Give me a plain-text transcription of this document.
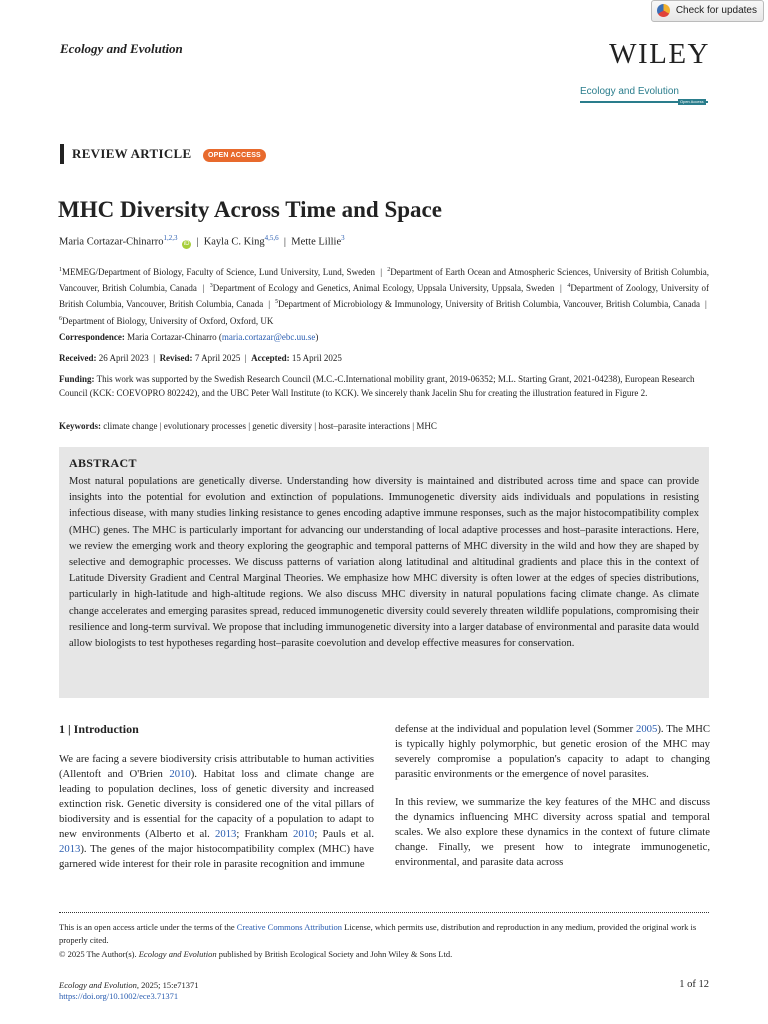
Ecology and Evolution
Check for updates
WILEY
Ecology and Evolution
Open Access
REVIEW ARTICLE OPEN ACCESS
MHC Diversity Across Time and Space
Maria Cortazar-Chinarro$^{1,2,3}$ iD  |  Kayla C. King$^{4,5,6}$  |  Mette Lillie$^3$
$^1$MEMEG/Department of Biology, Faculty of Science, Lund University, Lund, Sweden  |  $^2$Department of Earth Ocean and Atmospheric Sciences, University of British Columbia, Vancouver, British Columbia, Canada  |  $^3$Department of Ecology and Genetics, Animal Ecology, Uppsala University, Uppsala, Sweden  |  $^4$Department of Zoology, University of British Columbia, Vancouver, British Columbia, Canada  |  $^5$Department of Microbiology & Immunology, University of British Columbia, Vancouver, British Columbia, Canada  |  $^6$Department of Biology, University of Oxford, Oxford, UK
Correspondence: Maria Cortazar-Chinarro (maria.cortazar@ebc.uu.se)
Received: 26 April 2023  |  Revised: 7 April 2025  |  Accepted: 15 April 2025
Funding: This work was supported by the Swedish Research Council (M.C.-C.International mobility grant, 2019-06352; M.L. Starting Grant, 2021-04238), European Research Council (KCK: COEVOPRO 802242), and the UBC Peter Wall Institute (to KCK). We sincerely thank Jacelin Shu for creating the illustration featured in Figure 2.
Keywords: climate change | evolutionary processes | genetic diversity | host–parasite interactions | MHC
ABSTRACT
Most natural populations are genetically diverse. Understanding how diversity is maintained and distributed across time and space can provide insights into the potential for evolution and extinction of populations. Immunogenetic diversity aids individuals and populations in resisting infectious disease, with many studies linking resistance to genes encoding adaptive immune responses, such as the major histocompatibility complex (MHC) genes. The MHC is particularly important for advancing our understanding of local adaptive processes and host–parasite interactions. Here, we review the emerging work and theory exploring the geographic and temporal patterns of MHC diversity in the wild and how they are shaped by selective and demographic processes. We discuss patterns of variation along latitudinal and altitudinal gradients and place this in the context of Latitude Diversity Gradient and Central Marginal Theories. We emphasize how MHC diversity is often lower at the edges of species distributions, particularly in high-latitude and high-altitude regions. We also discuss MHC diversity in natural populations facing climate change. As climate change accelerates and emerging parasites spread, reduced immunogenetic diversity could severely threaten wildlife populations, compromising their resilience and long-term survival. We propose that including immunogenetic diversity into a larger database of environmental and parasite data would allow biologists to test hypotheses regarding host–parasite coevolution and develop effective measures for conservation.
1 | Introduction

We are facing a severe biodiversity crisis attributable to human activities (Allentoft and O'Brien 2010). Habitat loss and climate change are leading to population declines, loss of genetic diversity and increased extinction risk. Genetic diversity is considered one of the vital pillars of biodiversity and is essential for the capacity of a population to adapt to new environments (Alberto et al. 2013; Frankham 2010; Pauls et al. 2013). The genes of the major histocompatibility complex (MHC) have garnered wide interest for their role in parasite recognition and immune

defense at the individual and population level (Sommer 2005). The MHC is typically highly polymorphic, but genetic erosion of the MHC may severely compromise a population's capacity to adapt to changing parasitic environments or the emergence of novel parasites.

In this review, we summarize the key features of the MHC and discuss the dynamics influencing MHC diversity across spatial and temporal scales. We also explore these dynamics in the context of future climate change. Finally, we present how to integrate immunogenetic, environmental, and parasite data across

This is an open access article under the terms of the Creative Commons Attribution License, which permits use, distribution and reproduction in any medium, provided the original work is properly cited.
© 2025 The Author(s). Ecology and Evolution published by British Ecological Society and John Wiley & Sons Ltd.
Ecology and Evolution, 2025; 15:e71371
https://doi.org/10.1002/ece3.71371
1 of 12
